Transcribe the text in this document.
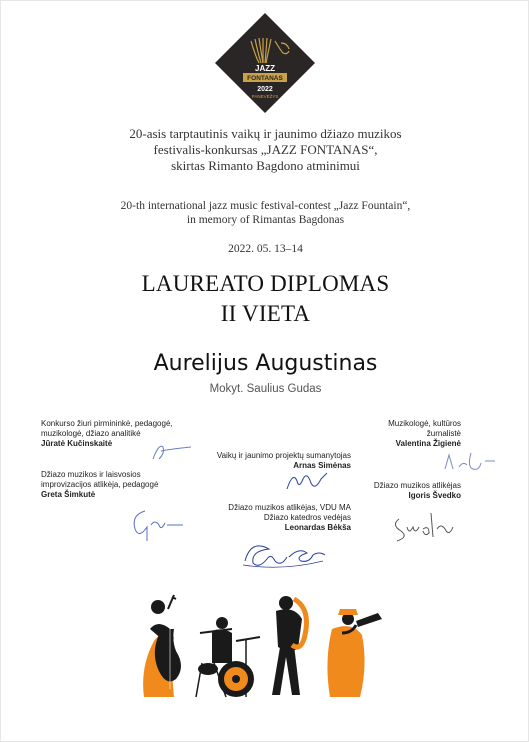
JAZZ
FONTANAS
2022
PANEVĖŽYS
20-asis tarptautinis vaikų ir jaunimo džiazo muzikos
festivalis-konkursas „JAZZ FONTANAS“,
skirtas Rimanto Bagdono atminimui
20-th international jazz music festival-contest „Jazz Fountain“,
in memory of Rimantas Bagdonas
2022. 05. 13–14
LAUREATO DIPLOMAS
II VIETA
Aurelijus Augustinas
Mokyt. Saulius Gudas
Konkurso žiuri pirmininkė, pedagogė,
muzikologė, džiazo analitikė
Jūratė Kučinskaitė
Muzikologė, kultūros
žurnalistė
Valentina Žigienė
Vaikų ir jaunimo projektų sumanytojas
Arnas Simėnas
Džiazo muzikos ir laisvosios
improvizacijos atlikėja, pedagogė
Greta Šimkutė
Džiazo muzikos atlikėjas
Igoris Švedko
Džiazo muzikos atlikėjas, VDU MA
Džiazo katedros vedėjas
Leonardas Bėkša
